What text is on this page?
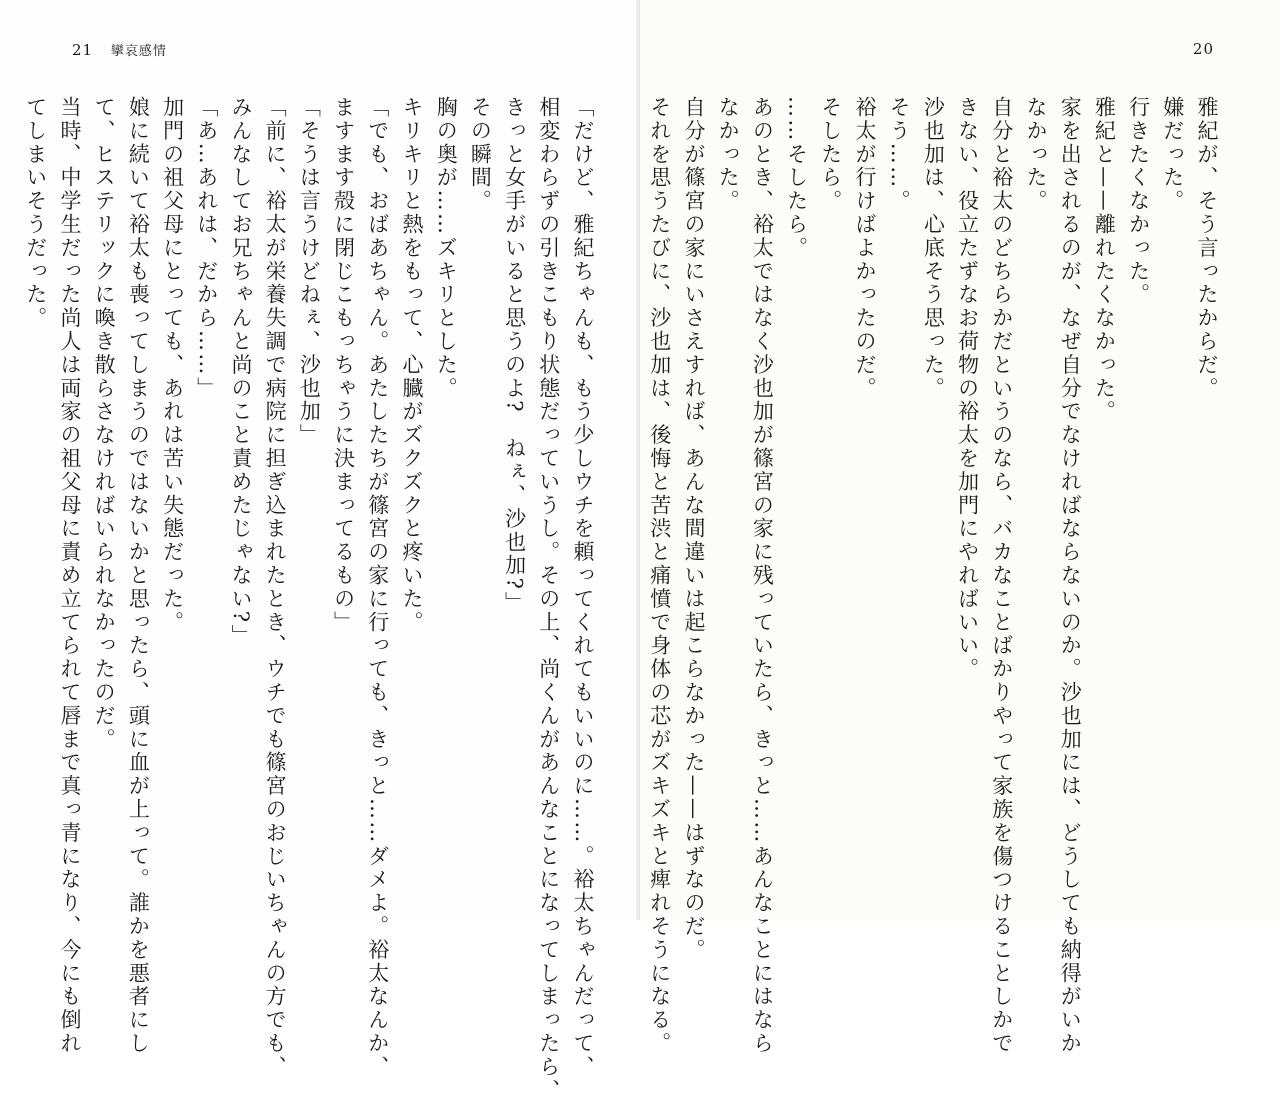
21 攣哀感情
「だけど、雅紀ちゃんも、もう少しウチを頼ってくれてもいいのに……。裕太ちゃんだって、
相変わらずの引きこもり状態だっていうし。その上、尚くんがあんなことになってしまったら、
きっと女手がいると思うのよ?　ねぇ、沙也加?」
その瞬間。
胸の奥が……ズキリとした。
キリキリと熱をもって、心臓がズクズクと疼いた。
「でも、おばあちゃん。あたしたちが篠宮の家に行っても、きっと……ダメよ。裕太なんか、
ますます殻に閉じこもっちゃうに決まってるもの」
「そうは言うけどねぇ、沙也加」
「前に、裕太が栄養失調で病院に担ぎ込まれたとき、ウチでも篠宮のおじいちゃんの方でも、
みんなしてお兄ちゃんと尚のこと責めたじゃない?」
「あ…あれは、だから……」
加門の祖父母にとっても、あれは苦い失態だった。
娘に続いて裕太も喪ってしまうのではないかと思ったら、頭に血が上って。誰かを悪者にし
て、ヒステリックに喚き散らさなければいられなかったのだ。
当時、中学生だった尚人は両家の祖父母に責め立てられて唇まで真っ青になり、今にも倒れ
てしまいそうだった。
20
雅紀が、そう言ったからだ。
嫌だった。
行きたくなかった。
雅紀と——離れたくなかった。
家を出されるのが、なぜ自分でなければならないのか。沙也加には、どうしても納得がいか
なかった。
自分と裕太のどちらかだというのなら、バカなことばかりやって家族を傷つけることしかで
きない、役立たずなお荷物の裕太を加門にやればいい。
沙也加は、心底そう思った。
そう……。
裕太が行けばよかったのだ。
そしたら。
……そしたら。
あのとき、裕太ではなく沙也加が篠宮の家に残っていたら、きっと……あんなことにはなら
なかった。
自分が篠宮の家にいさえすれば、あんな間違いは起こらなかった——はずなのだ。
それを思うたびに、沙也加は、後悔と苦渋と痛憤で身体の芯がズキズキと痺れそうになる。
